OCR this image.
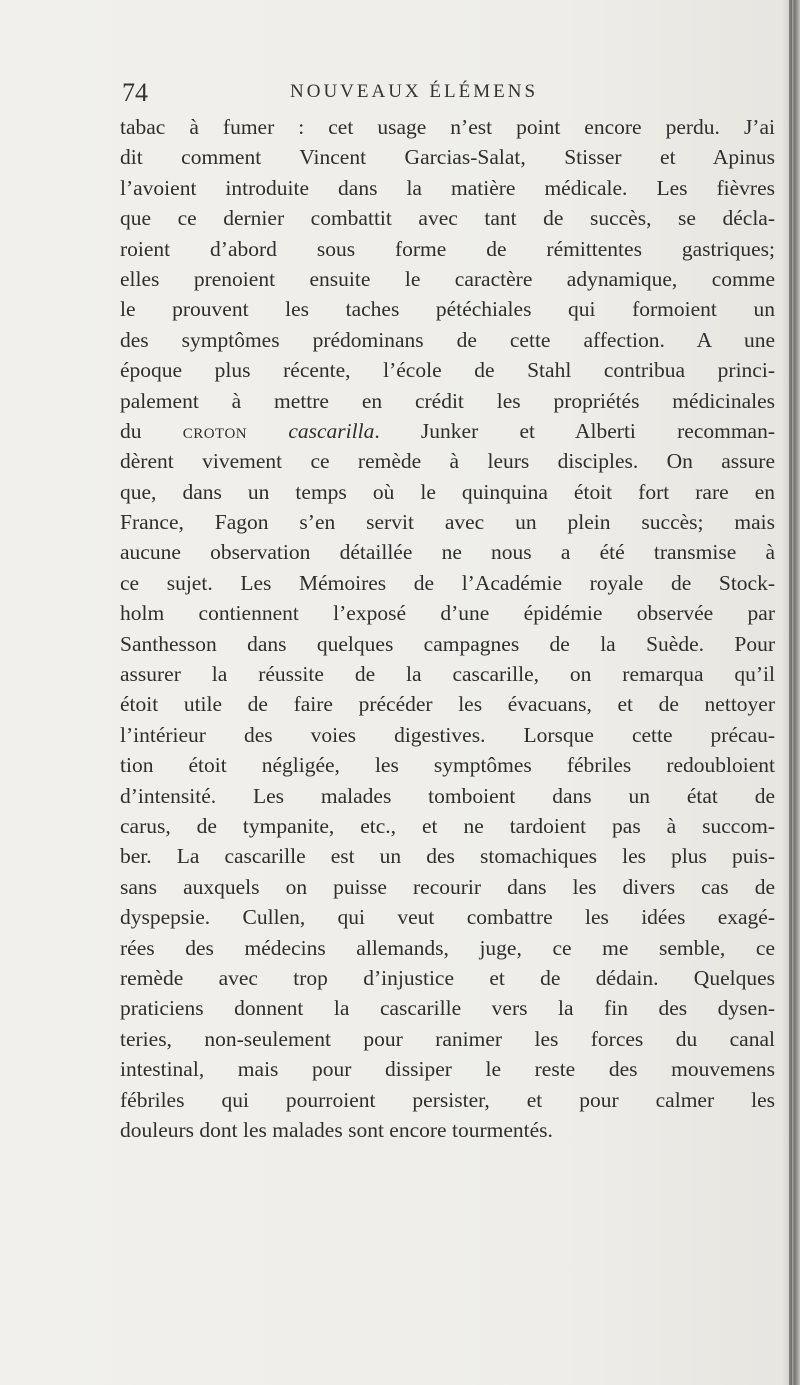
74	NOUVEAUX ÉLÉMENS
tabac à fumer : cet usage n’est point encore perdu. J’ai
dit comment Vincent Garcias-Salat, Stisser et Apinus
l’avoient introduite dans la matière médicale. Les fièvres
que ce dernier combattit avec tant de succès, se décla-
roient d’abord sous forme de rémittentes gastriques;
elles prenoient ensuite le caractère adynamique, comme
le prouvent les taches pétéchiales qui formoient un
des symptômes prédominans de cette affection. A une
époque plus récente, l’école de Stahl contribua princi-
palement à mettre en crédit les propriétés médicinales
du croton cascarilla. Junker et Alberti recomman-
dèrent vivement ce remède à leurs disciples. On assure
que, dans un temps où le quinquina étoit fort rare en
France, Fagon s’en servit avec un plein succès; mais
aucune observation détaillée ne nous a été transmise à
ce sujet. Les Mémoires de l’Académie royale de Stock-
holm contiennent l’exposé d’une épidémie observée par
Santhesson dans quelques campagnes de la Suède. Pour
assurer la réussite de la cascarille, on remarqua qu’il
étoit utile de faire précéder les évacuans, et de nettoyer
l’intérieur des voies digestives. Lorsque cette précau-
tion étoit négligée, les symptômes fébriles redoubloient
d’intensité. Les malades tomboient dans un état de
carus, de tympanite, etc., et ne tardoient pas à succom-
ber. La cascarille est un des stomachiques les plus puis-
sans auxquels on puisse recourir dans les divers cas de
dyspepsie. Cullen, qui veut combattre les idées exagé-
rées des médecins allemands, juge, ce me semble, ce
remède avec trop d’injustice et de dédain. Quelques
praticiens donnent la cascarille vers la fin des dysen-
teries, non-seulement pour ranimer les forces du canal
intestinal, mais pour dissiper le reste des mouvemens
fébriles qui pourroient persister, et pour calmer les
douleurs dont les malades sont encore tourmentés.
